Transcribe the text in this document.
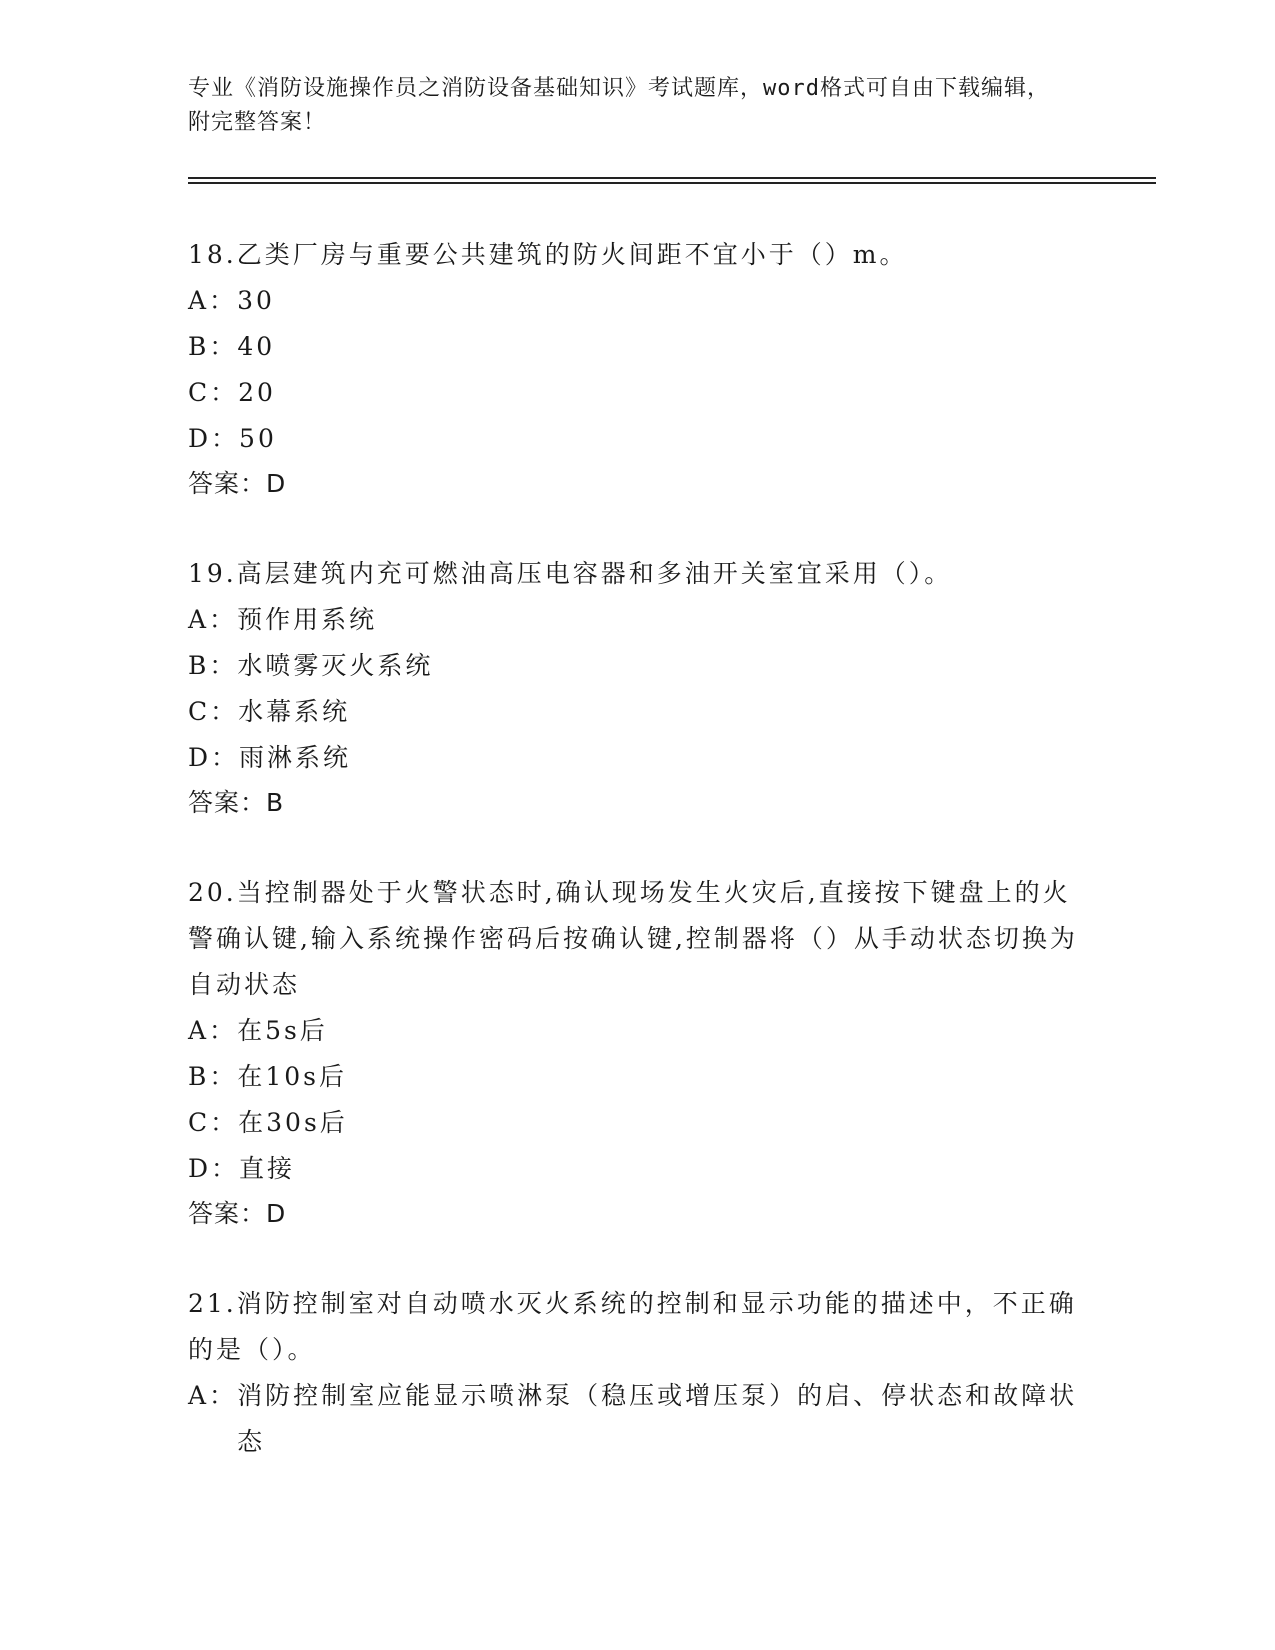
专业《消防设施操作员之消防设备基础知识》考试题库，word格式可自由下载编辑，附完整答案！

18.乙类厂房与重要公共建筑的防火间距不宜小于（）m。

A： 30
B： 40
C： 20
D： 50
答案：D

19.高层建筑内充可燃油高压电容器和多油开关室宜采用（）。

A： 预作用系统
B： 水喷雾灭火系统
C： 水幕系统
D： 雨淋系统
答案：B

20.当控制器处于火警状态时,确认现场发生火灾后,直接按下键盘上的火警确认键,输入系统操作密码后按确认键,控制器将（）从手动状态切换为自动状态

A： 在5s后
B： 在10s后
C： 在30s后
D： 直接
答案：D

21.消防控制室对自动喷水灭火系统的控制和显示功能的描述中，不正确的是（）。

A： 消防控制室应能显示喷淋泵（稳压或增压泵）的启、停状态和故障状态
